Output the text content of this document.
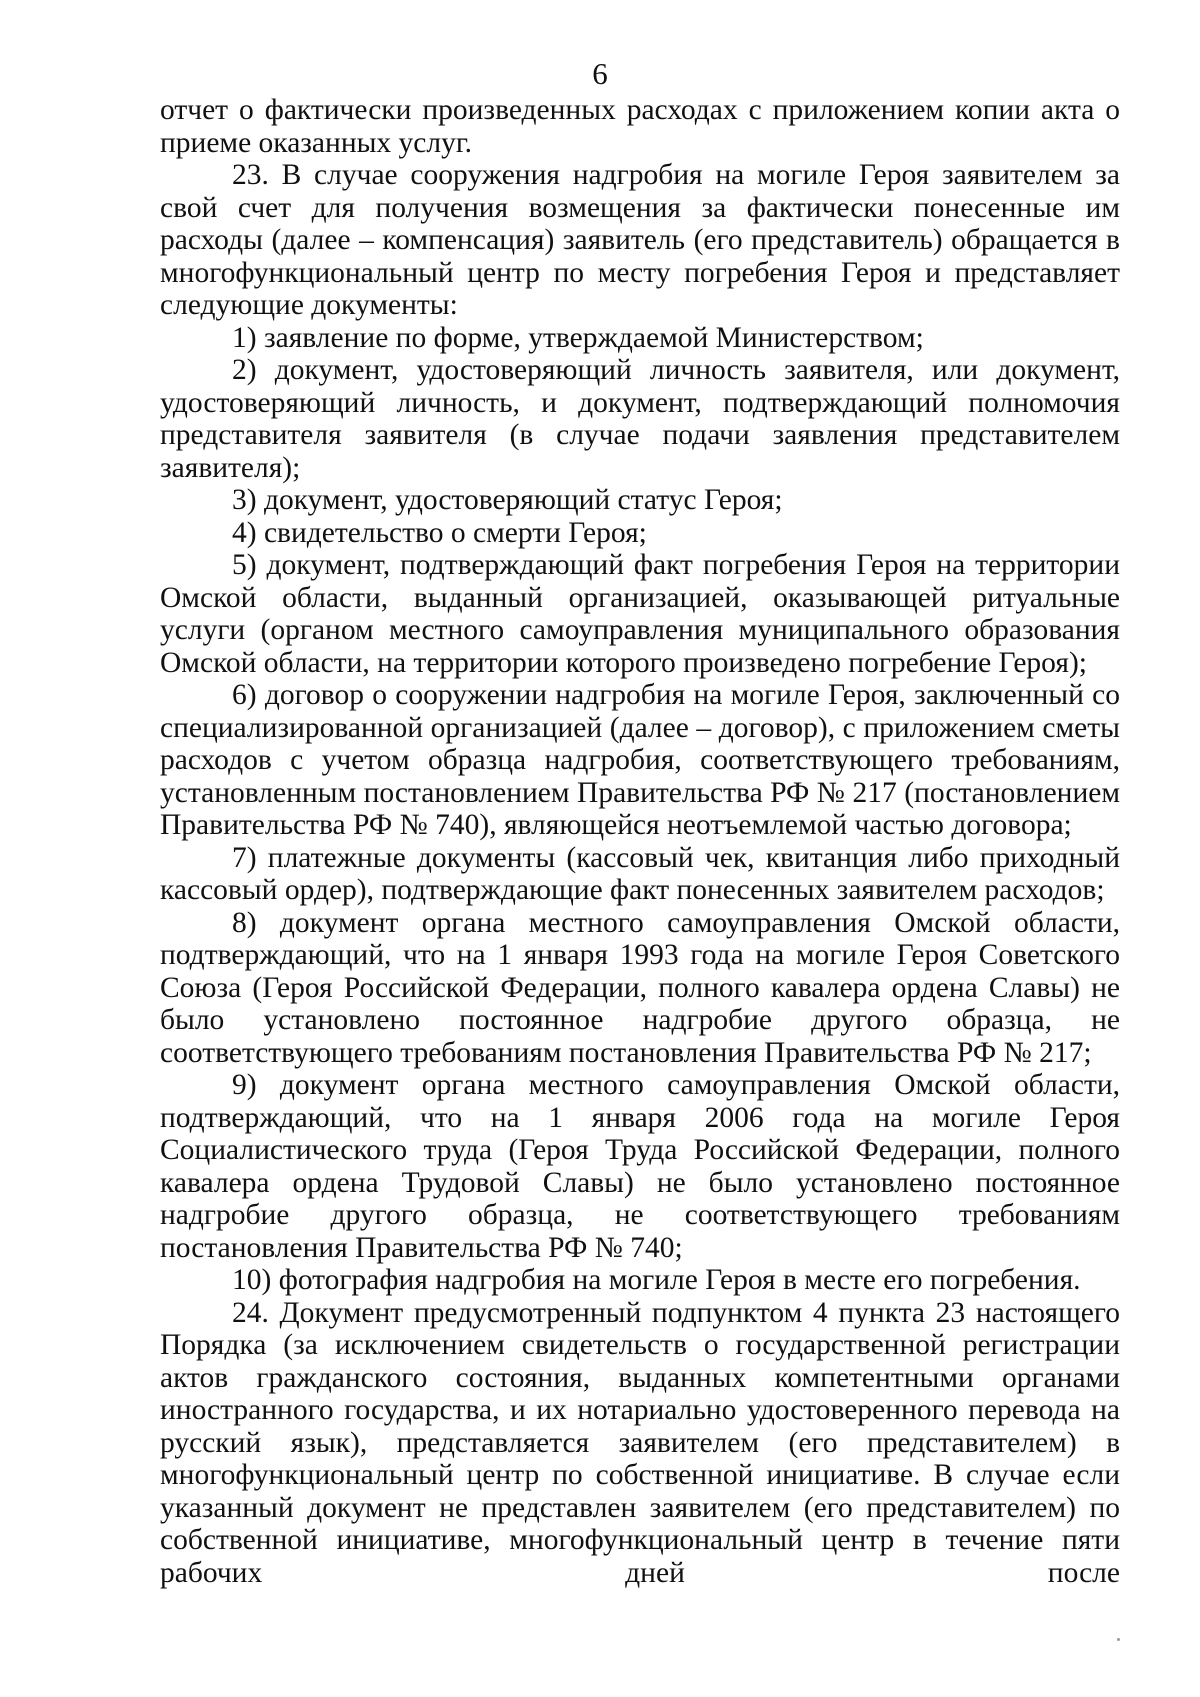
6

отчет о фактически произведенных расходах с приложением копии акта о приеме оказанных услуг.

23. В случае сооружения надгробия на могиле Героя заявителем за свой счет для получения возмещения за фактически понесенные им расходы (далее – компенсация) заявитель (его представитель) обращается в многофункциональный центр по месту погребения Героя и представляет следующие документы:

1) заявление по форме, утверждаемой Министерством;

2) документ, удостоверяющий личность заявителя, или документ, удостоверяющий личность, и документ, подтверждающий полномочия представителя заявителя (в случае подачи заявления представителем заявителя);

3) документ, удостоверяющий статус Героя;

4) свидетельство о смерти Героя;

5) документ, подтверждающий факт погребения Героя на территории Омской области, выданный организацией, оказывающей ритуальные услуги (органом местного самоуправления муниципального образования Омской области, на территории которого произведено погребение Героя);

6) договор о сооружении надгробия на могиле Героя, заключенный со специализированной организацией (далее – договор), с приложением сметы расходов с учетом образца надгробия, соответствующего требованиям, установленным постановлением Правительства РФ № 217 (постановлением Правительства РФ № 740), являющейся неотъемлемой частью договора;

7) платежные документы (кассовый чек, квитанция либо приходный кассовый ордер), подтверждающие факт понесенных заявителем расходов;

8) документ органа местного самоуправления Омской области, подтверждающий, что на 1 января 1993 года на могиле Героя Советского Союза (Героя Российской Федерации, полного кавалера ордена Славы) не было установлено постоянное надгробие другого образца, не соответствующего требованиям постановления Правительства РФ № 217;

9) документ органа местного самоуправления Омской области, подтверждающий, что на 1 января 2006 года на могиле Героя Социалистического труда (Героя Труда Российской Федерации, полного кавалера ордена Трудовой Славы) не было установлено постоянное надгробие другого образца, не соответствующего требованиям постановления Правительства РФ № 740;

10) фотография надгробия на могиле Героя в месте его погребения.

24. Документ предусмотренный подпунктом 4 пункта 23 настоящего Порядка (за исключением свидетельств о государственной регистрации актов гражданского состояния, выданных компетентными органами иностранного государства, и их нотариально удостоверенного перевода на русский язык), представляется заявителем (его представителем) в многофункциональный центр по собственной инициативе. В случае если указанный документ не представлен заявителем (его представителем) по собственной инициативе, многофункциональный центр в течение пяти рабочих дней после
